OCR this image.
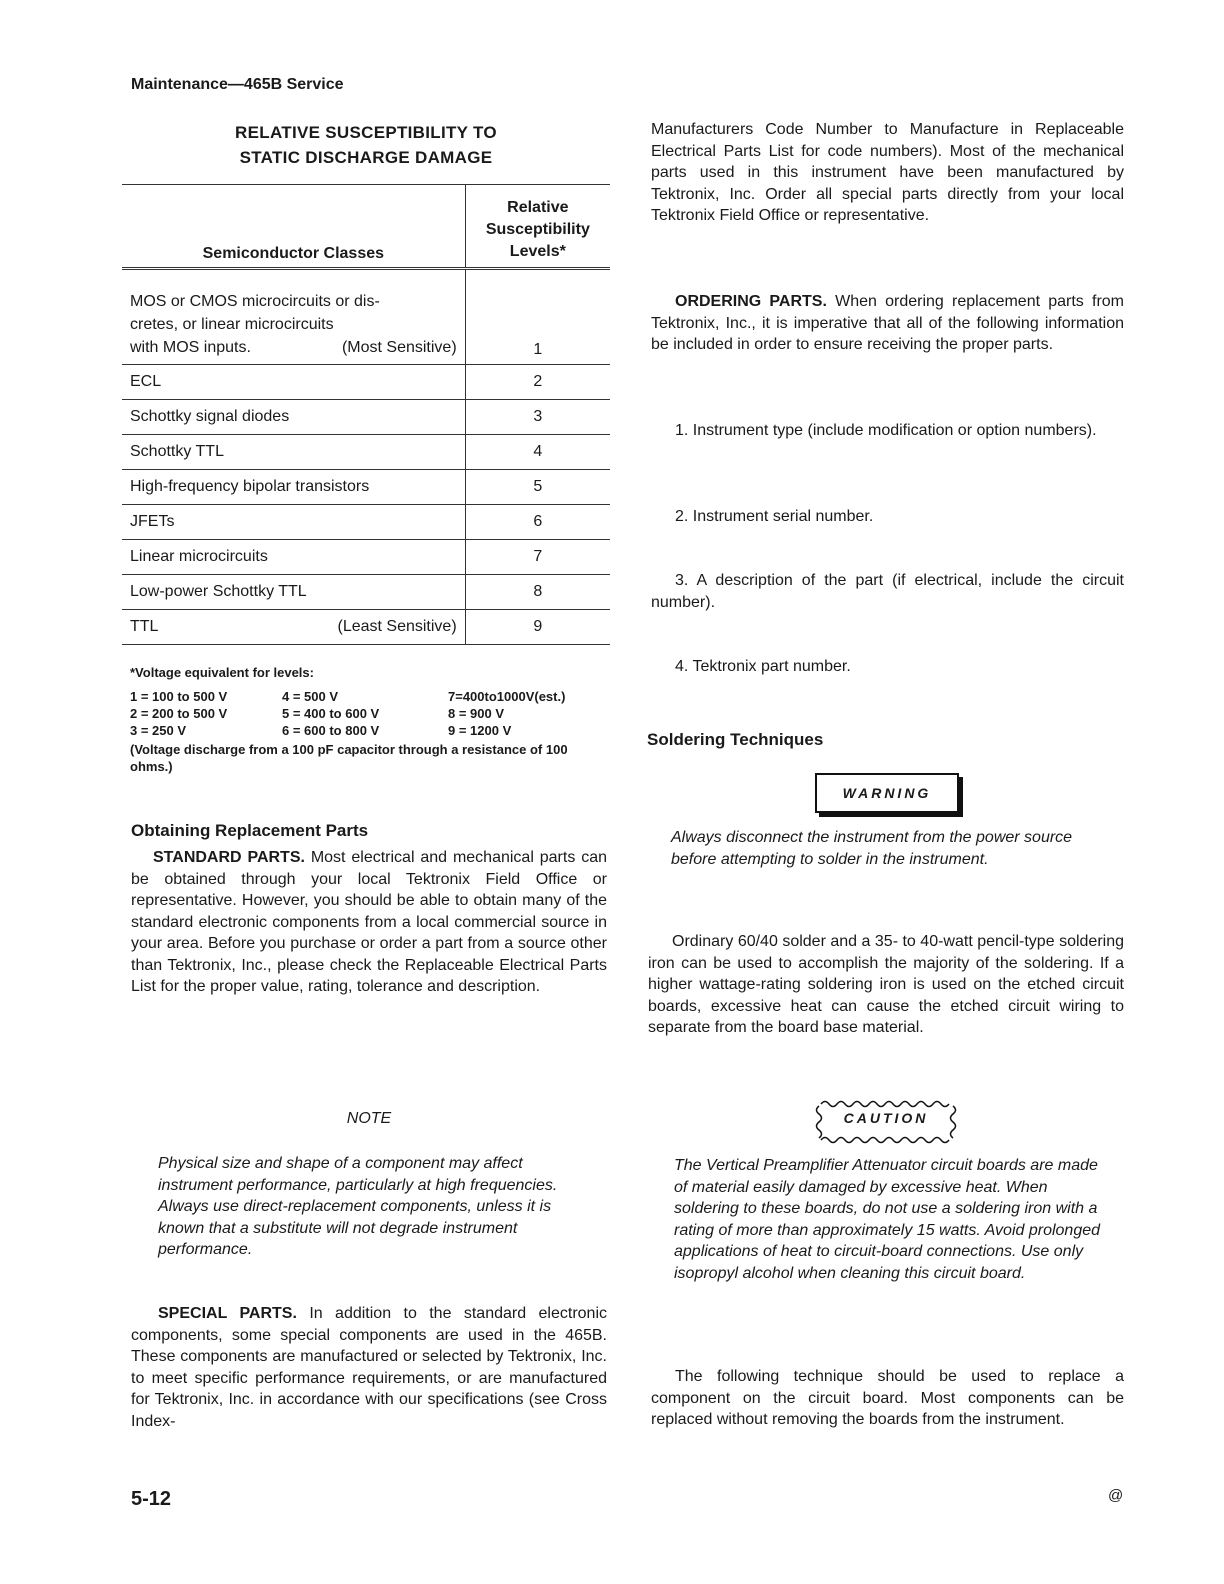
Maintenance—465B Service
RELATIVE SUSCEPTIBILITY TO
STATIC DISCHARGE DAMAGE
Semiconductor Classes	Relative
Susceptibility
Levels*

MOS or CMOS microcircuits or dis-
cretes, or linear microcircuits
with MOS inputs. (Most Sensitive)	1
ECL	2
Schottky signal diodes	3
Schottky TTL	4
High-frequency bipolar transistors	5
JFETs	6
Linear microcircuits	7
Low-power Schottky TTL	8

TTL (Least Sensitive)	9
*Voltage equivalent for levels:
1 = 100 to 500 V	4 = 500 V	7=400to1000V(est.)
2 = 200 to 500 V	5 = 400 to 600 V	8 = 900 V
3 = 250 V	6 = 600 to 800 V	9 = 1200 V
(Voltage discharge from a 100 pF capacitor through a resistance of 100 ohms.)
Obtaining Replacement Parts
STANDARD PARTS. Most electrical and mechanical parts can be obtained through your local Tektronix Field Office or representative. However, you should be able to obtain many of the standard electronic components from a local commercial source in your area. Before you purchase or order a part from a source other than Tektronix, Inc., please check the Replaceable Electrical Parts List for the proper value, rating, tolerance and description.
NOTE
Physical size and shape of a component may affect instrument performance, particularly at high frequencies. Always use direct-replacement components, unless it is known that a substitute will not degrade instrument performance.
SPECIAL PARTS. In addition to the standard electronic components, some special components are used in the 465B. These components are manufactured or selected by Tektronix, Inc. to meet specific performance requirements, or are manufactured for Tektronix, Inc. in accordance with our specifications (see Cross Index-
Manufacturers Code Number to Manufacture in Replaceable Electrical Parts List for code numbers). Most of the mechanical parts used in this instrument have been manufactured by Tektronix, Inc. Order all special parts directly from your local Tektronix Field Office or representative.
ORDERING PARTS. When ordering replacement parts from Tektronix, Inc., it is imperative that all of the following information be included in order to ensure receiving the proper parts.
1. Instrument type (include modification or option numbers).
2. Instrument serial number.
3. A description of the part (if electrical, include the circuit number).
4. Tektronix part number.
Soldering Techniques
WARNING
Always disconnect the instrument from the power source before attempting to solder in the instrument.
Ordinary 60/40 solder and a 35- to 40-watt pencil-type soldering iron can be used to accomplish the majority of the soldering. If a higher wattage-rating soldering iron is used on the etched circuit boards, excessive heat can cause the etched circuit wiring to separate from the board base material.
CAUTION
The Vertical Preamplifier Attenuator circuit boards are made of material easily damaged by excessive heat. When soldering to these boards, do not use a soldering iron with a rating of more than approximately 15 watts. Avoid prolonged applications of heat to circuit-board connections. Use only isopropyl alcohol when cleaning this circuit board.
The following technique should be used to replace a component on the circuit board. Most components can be replaced without removing the boards from the instrument.
5-12	@
